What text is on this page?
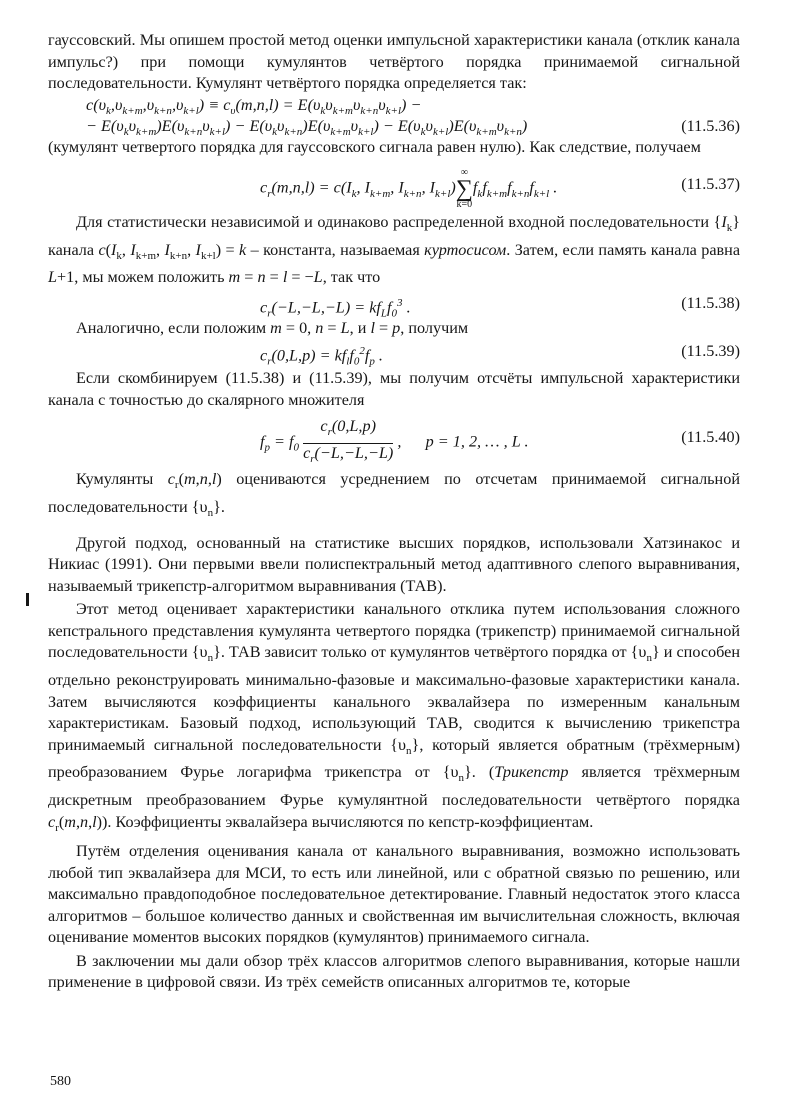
гауссовский. Мы опишем простой метод оценки импульсной характеристики канала (отклик канала импульс?) при помощи кумулянтов четвёртого порядка принимаемой сигнальной последовательности. Кумулянт четвёртого порядка определяется так:

$c(\upsilon_k,\upsilon_{k+m},\upsilon_{k+n},\upsilon_{k+l}) \equiv c_\upsilon(m,n,l) = E(\upsilon_k\upsilon_{k+m}\upsilon_{k+n}\upsilon_{k+l})$ −
− $E(\upsilon_k\upsilon_{k+m})E(\upsilon_{k+n}\upsilon_{k+l}) - E(\upsilon_k\upsilon_{k+n})E(\upsilon_{k+m}\upsilon_{k+l}) - E(\upsilon_k\upsilon_{k+l})E(\upsilon_{k+m}\upsilon_{k+n})$	(11.5.36)

(кумулянт четвертого порядка для гауссовского сигнала равен нулю). Как следствие, получаем

$c_r(m,n,l) = c(I_k$, $I_{k+m}$, $I_{k+n}$, $I_{k+l}$)
∞
∑
k=0
$f_kf_{k+m}f_{k+n}f_{k+l}$ .	(11.5.37)

Для статистически независимой и одинаково распределенной входной последовательности $\{I_k\}$ канала $c(I_k$, $I_{k+m}$, $I_{k+n}$, $I_{k+l}) = k$ – константа, называемая куртосисом. Затем, если память канала равна L+1, мы можем положить m = n = l = −L, так что

$c_r(-L,-L,-L) = kf_Lf_0^3$ .	(11.5.38)

Аналогично, если положим m = 0, n = L, и l = p, получим

$c_r(0,L,p) = kf_lf_0^2f_p$ .	(11.5.39)

Если скомбинируем (11.5.38) и (11.5.39), мы получим отсчёты импульсной характеристики канала с точностью до скалярного множителя

$f_p = f_0 \frac{c_r(0,L,p)}{c_r(-L,-L,-L)}$ ,      p = 1, 2, … , L .	(11.5.40)

Кумулянты $c_r(m,n,l)$ оцениваются усреднением по отсчетам принимаемой сигнальной последовательности $\{\upsilon_n\}$.

Другой подход, основанный на статистике высших порядков, использовали Хатзинакос и Никиас (1991). Они первыми ввели полиспектральный метод адаптивного слепого выравнивания, называемый трикепстр-алгоритмом выравнивания (ТАВ).

Этот метод оценивает характеристики канального отклика путем использования сложного кепстрального представления кумулянта четвертого порядка (трикепстр) принимаемой сигнальной последовательности $\{\upsilon_n\}$. ТАВ зависит только от кумулянтов четвёртого порядка от $\{\upsilon_n\}$ и способен отдельно реконструировать минимально-фазовые и максимально-фазовые характеристики канала. Затем вычисляются коэффициенты канального эквалайзера по измеренным канальным характеристикам. Базовый подход, использующий ТАВ, сводится к вычислению трикепстра принимаемый сигнальной последовательности $\{\upsilon_n\}$, который является обратным (трёхмерным) преобразованием Фурье логарифма трикепстра от $\{\upsilon_n\}$. (Трикепстр является трёхмерным дискретным преобразованием Фурье кумулянтной последовательности четвёртого порядка $c_r(m,n,l)$). Коэффициенты эквалайзера вычисляются по кепстр-коэффициентам.

Путём отделения оценивания канала от канального выравнивания, возможно использовать любой тип эквалайзера для МСИ, то есть или линейной, или с обратной связью по решению, или максимально правдоподобное последовательное детектирование. Главный недостаток этого класса алгоритмов – большое количество данных и свойственная им вычислительная сложность, включая оценивание моментов высоких порядков (кумулянтов) принимаемого сигнала.

В заключении мы дали обзор трёх классов алгоритмов слепого выравнивания, которые нашли применение в цифровой связи. Из трёх семейств описанных алгоритмов те, которые

580
